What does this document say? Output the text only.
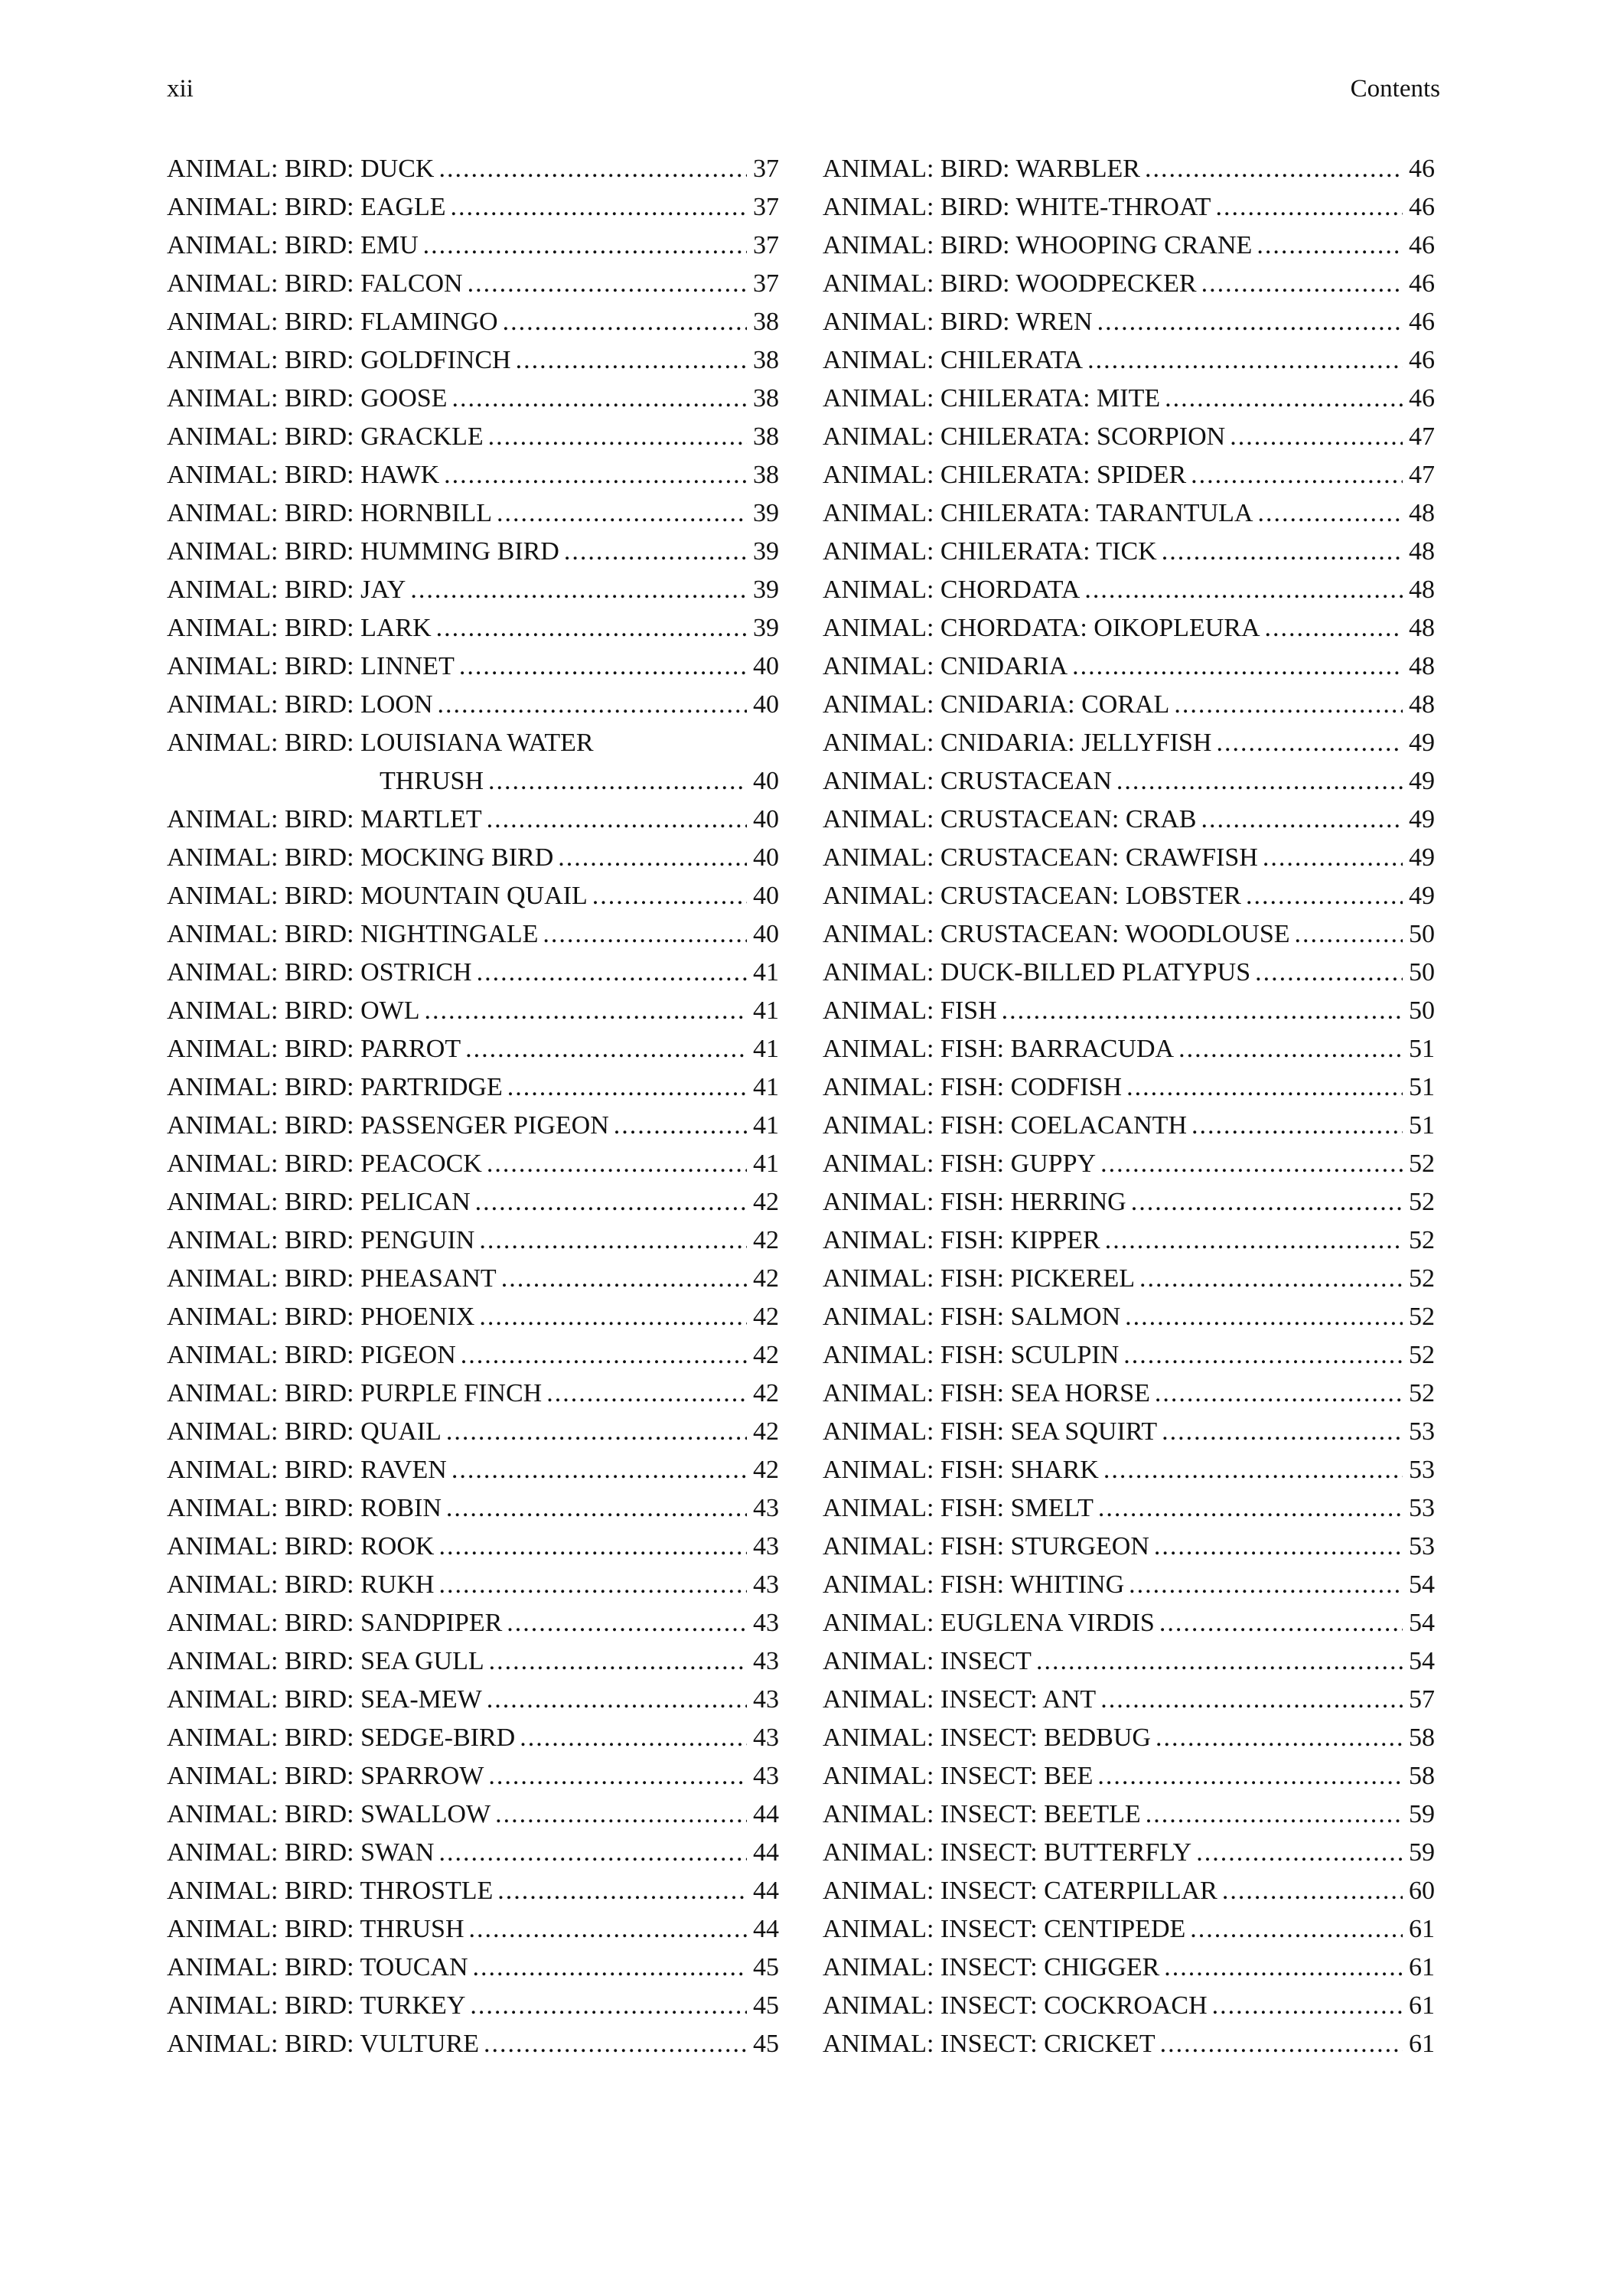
xii	Contents
ANIMAL: BIRD: DUCK .....	37
ANIMAL: BIRD: EAGLE .....	37
ANIMAL: BIRD: EMU .....	37
ANIMAL: BIRD: FALCON .....	37
ANIMAL: BIRD: FLAMINGO .....	38
ANIMAL: BIRD: GOLDFINCH .....	38
ANIMAL: BIRD: GOOSE .....	38
ANIMAL: BIRD: GRACKLE .....	38
ANIMAL: BIRD: HAWK .....	38
ANIMAL: BIRD: HORNBILL .....	39
ANIMAL: BIRD: HUMMING BIRD .....	39
ANIMAL: BIRD: JAY .....	39
ANIMAL: BIRD: LARK .....	39
ANIMAL: BIRD: LINNET .....	40
ANIMAL: BIRD: LOON .....	40
ANIMAL: BIRD: LOUISIANA WATER
THRUSH .....	40
ANIMAL: BIRD: MARTLET .....	40
ANIMAL: BIRD: MOCKING BIRD .....	40
ANIMAL: BIRD: MOUNTAIN QUAIL .....	40
ANIMAL: BIRD: NIGHTINGALE .....	40
ANIMAL: BIRD: OSTRICH .....	41
ANIMAL: BIRD: OWL .....	41
ANIMAL: BIRD: PARROT .....	41
ANIMAL: BIRD: PARTRIDGE .....	41
ANIMAL: BIRD: PASSENGER PIGEON .....	41
ANIMAL: BIRD: PEACOCK .....	41
ANIMAL: BIRD: PELICAN .....	42
ANIMAL: BIRD: PENGUIN .....	42
ANIMAL: BIRD: PHEASANT .....	42
ANIMAL: BIRD: PHOENIX .....	42
ANIMAL: BIRD: PIGEON .....	42
ANIMAL: BIRD: PURPLE FINCH .....	42
ANIMAL: BIRD: QUAIL .....	42
ANIMAL: BIRD: RAVEN .....	42
ANIMAL: BIRD: ROBIN .....	43
ANIMAL: BIRD: ROOK .....	43
ANIMAL: BIRD: RUKH .....	43
ANIMAL: BIRD: SANDPIPER .....	43
ANIMAL: BIRD: SEA GULL .....	43
ANIMAL: BIRD: SEA-MEW .....	43
ANIMAL: BIRD: SEDGE-BIRD .....	43
ANIMAL: BIRD: SPARROW .....	43
ANIMAL: BIRD: SWALLOW .....	44
ANIMAL: BIRD: SWAN .....	44
ANIMAL: BIRD: THROSTLE .....	44
ANIMAL: BIRD: THRUSH .....	44
ANIMAL: BIRD: TOUCAN .....	45
ANIMAL: BIRD: TURKEY .....	45
ANIMAL: BIRD: VULTURE .....	45
ANIMAL: BIRD: WARBLER .....	46
ANIMAL: BIRD: WHITE-THROAT .....	46
ANIMAL: BIRD: WHOOPING CRANE .....	46
ANIMAL: BIRD: WOODPECKER .....	46
ANIMAL: BIRD: WREN .....	46
ANIMAL: CHILERATA .....	46
ANIMAL: CHILERATA: MITE .....	46
ANIMAL: CHILERATA: SCORPION .....	47
ANIMAL: CHILERATA: SPIDER .....	47
ANIMAL: CHILERATA: TARANTULA .....	48
ANIMAL: CHILERATA: TICK .....	48
ANIMAL: CHORDATA .....	48
ANIMAL: CHORDATA: OIKOPLEURA .....	48
ANIMAL: CNIDARIA .....	48
ANIMAL: CNIDARIA: CORAL .....	48
ANIMAL: CNIDARIA: JELLYFISH .....	49
ANIMAL: CRUSTACEAN .....	49
ANIMAL: CRUSTACEAN: CRAB .....	49
ANIMAL: CRUSTACEAN: CRAWFISH .....	49
ANIMAL: CRUSTACEAN: LOBSTER .....	49
ANIMAL: CRUSTACEAN: WOODLOUSE .....	50
ANIMAL: DUCK-BILLED PLATYPUS .....	50
ANIMAL: FISH .....	50
ANIMAL: FISH: BARRACUDA .....	51
ANIMAL: FISH: CODFISH .....	51
ANIMAL: FISH: COELACANTH .....	51
ANIMAL: FISH: GUPPY .....	52
ANIMAL: FISH: HERRING .....	52
ANIMAL: FISH: KIPPER .....	52
ANIMAL: FISH: PICKEREL .....	52
ANIMAL: FISH: SALMON .....	52
ANIMAL: FISH: SCULPIN .....	52
ANIMAL: FISH: SEA HORSE .....	52
ANIMAL: FISH: SEA SQUIRT .....	53
ANIMAL: FISH: SHARK .....	53
ANIMAL: FISH: SMELT .....	53
ANIMAL: FISH: STURGEON .....	53
ANIMAL: FISH: WHITING .....	54
ANIMAL: EUGLENA VIRDIS .....	54
ANIMAL: INSECT .....	54
ANIMAL: INSECT: ANT .....	57
ANIMAL: INSECT: BEDBUG .....	58
ANIMAL: INSECT: BEE .....	58
ANIMAL: INSECT: BEETLE .....	59
ANIMAL: INSECT: BUTTERFLY .....	59
ANIMAL: INSECT: CATERPILLAR .....	60
ANIMAL: INSECT: CENTIPEDE .....	61
ANIMAL: INSECT: CHIGGER .....	61
ANIMAL: INSECT: COCKROACH .....	61
ANIMAL: INSECT: CRICKET .....	61
